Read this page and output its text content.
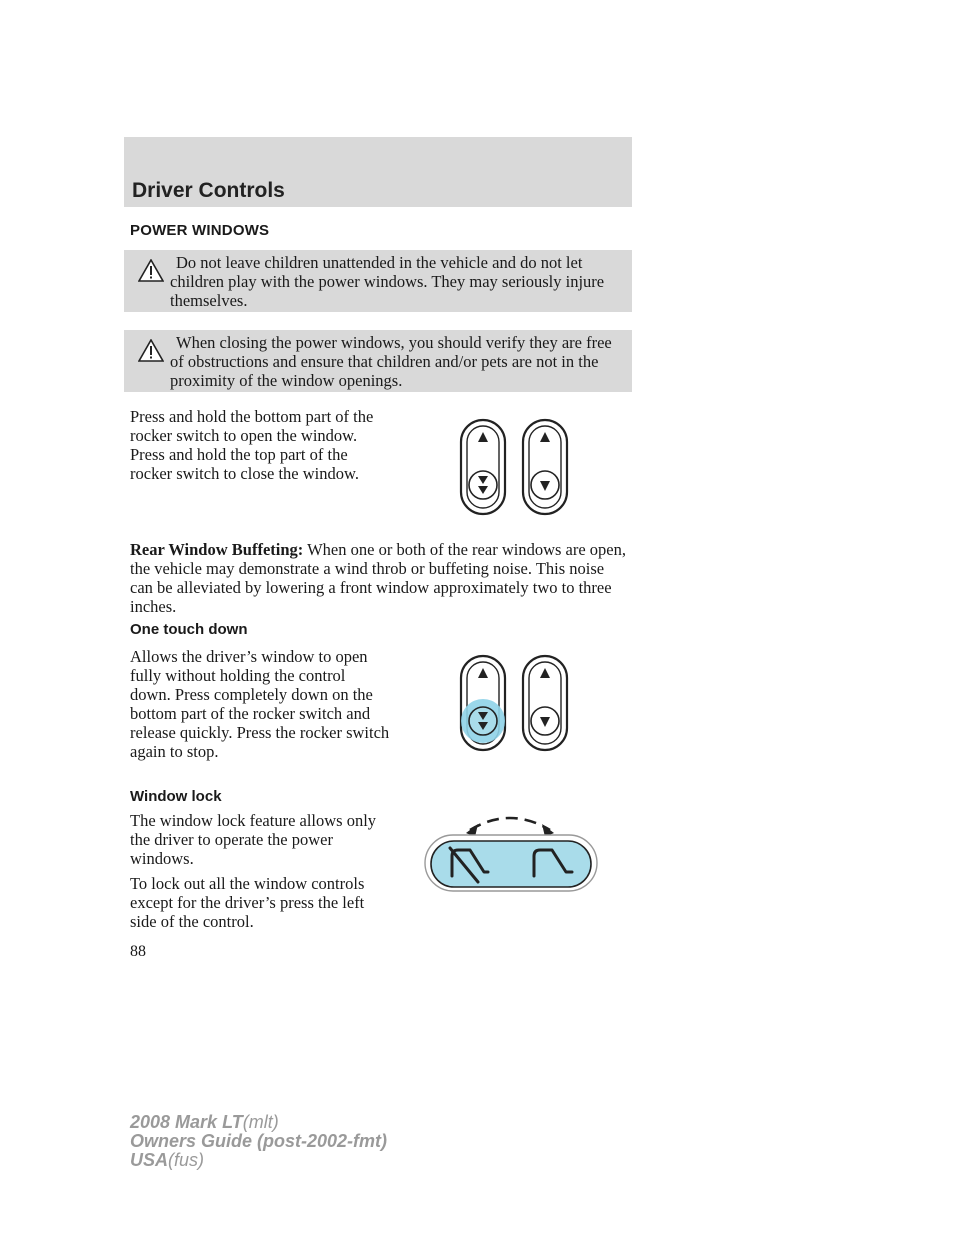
Driver Controls
POWER WINDOWS
Do not leave children unattended in the vehicle and do not let
children play with the power windows. They may seriously injure themselves.
When closing the power windows, you should verify they are free
of obstructions and ensure that children and/or pets are not in the proximity of the window openings.
Press and hold the bottom part of the rocker switch to open the window. Press and hold the top part of the rocker switch to close the window.
Rear Window Buffeting: When one or both of the rear windows are open, the vehicle may demonstrate a wind throb or buffeting noise. This noise can be alleviated by lowering a front window approximately two to three inches.
One touch down
Allows the driver’s window to open fully without holding the control down. Press completely down on the bottom part of the rocker switch and release quickly. Press the rocker switch again to stop.
Window lock
The window lock feature allows only the driver to operate the power windows.
To lock out all the window controls except for the driver’s press the left side of the control.
88
2008 Mark LT(mlt)
Owners Guide (post-2002-fmt)
USA(fus)
